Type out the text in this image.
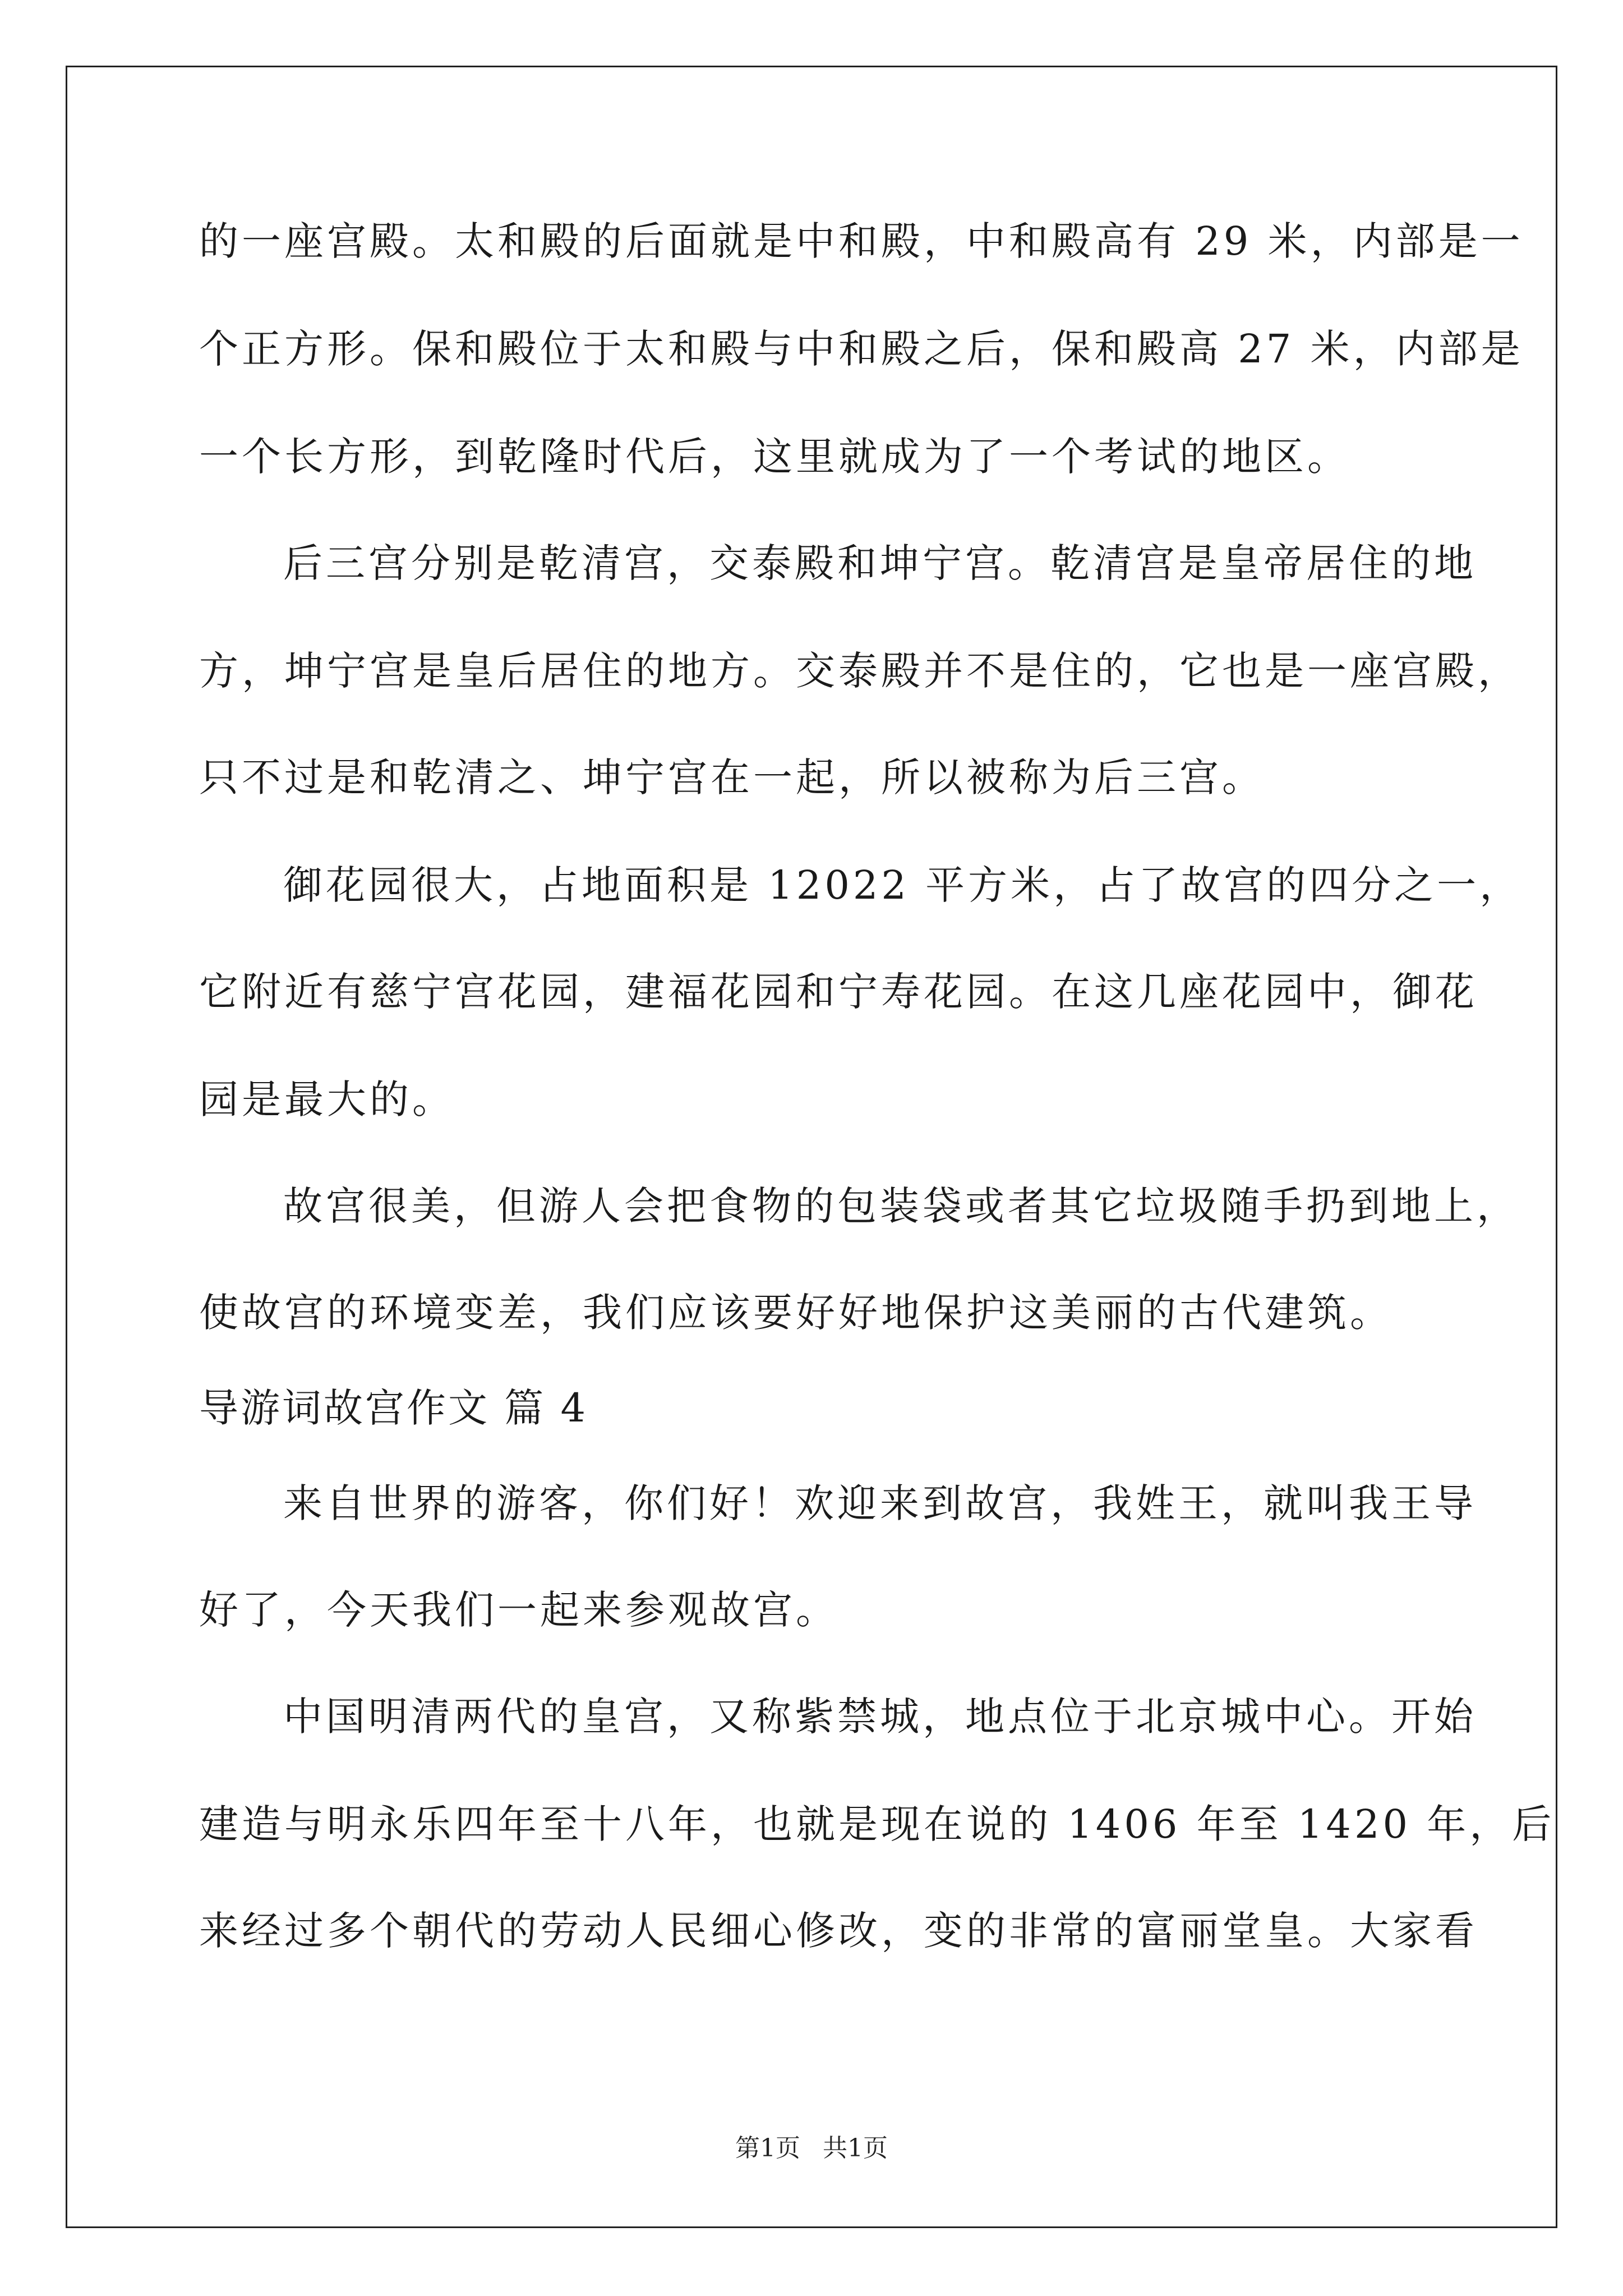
的一座宫殿。太和殿的后面就是中和殿，中和殿高有 29 米，内部是一
个正方形。保和殿位于太和殿与中和殿之后，保和殿高 27 米，内部是
一个长方形，到乾隆时代后，这里就成为了一个考试的地区。
后三宫分别是乾清宫，交泰殿和坤宁宫。乾清宫是皇帝居住的地
方，坤宁宫是皇后居住的地方。交泰殿并不是住的，它也是一座宫殿，
只不过是和乾清之、坤宁宫在一起，所以被称为后三宫。
御花园很大，占地面积是 12022 平方米，占了故宫的四分之一，
它附近有慈宁宫花园，建福花园和宁寿花园。在这几座花园中，御花
园是最大的。
故宫很美，但游人会把食物的包装袋或者其它垃圾随手扔到地上，
使故宫的环境变差，我们应该要好好地保护这美丽的古代建筑。
导游词故宫作文 篇 4
来自世界的游客，你们好！欢迎来到故宫，我姓王，就叫我王导
好了，今天我们一起来参观故宫。
中国明清两代的皇宫，又称紫禁城，地点位于北京城中心。开始
建造与明永乐四年至十八年，也就是现在说的 1406 年至 1420 年，后
来经过多个朝代的劳动人民细心修改，变的非常的富丽堂皇。大家看
第1页 共1页
